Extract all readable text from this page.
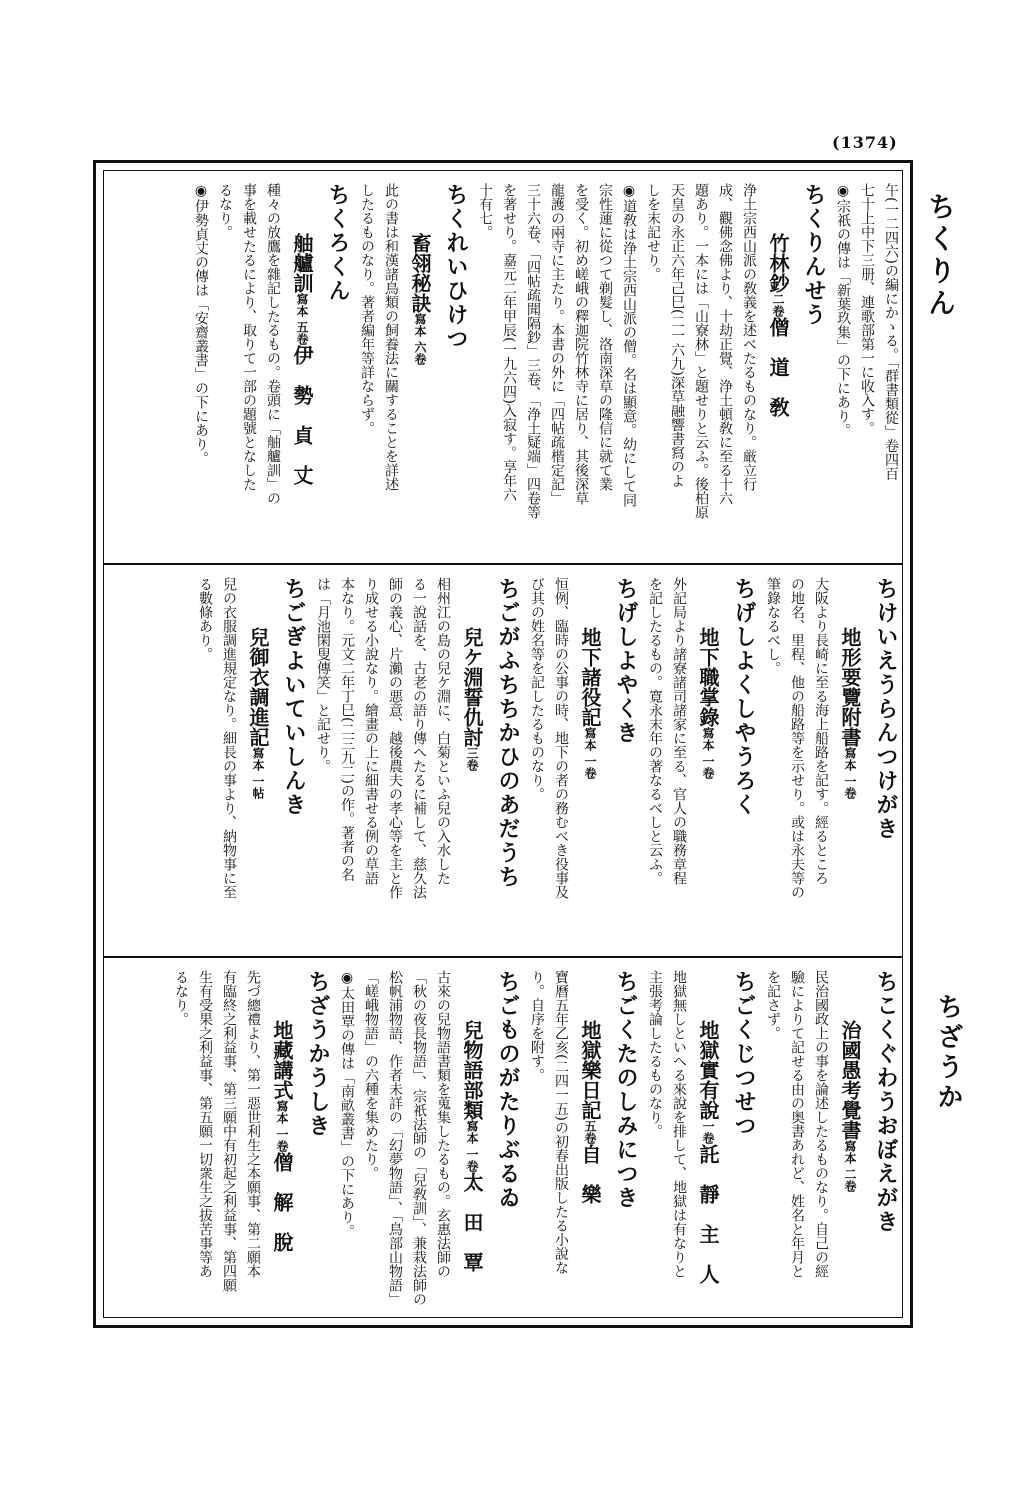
(1374)
ちくりん
ちざうか
午(一二四六)の編にかゝる。「群書類從」卷四百
七十上中下三册、連歌部第一に收入す。
◉宗祇の傳は「新葉玖集」の下にあり。
ちくりんせう
竹林鈔二卷僧　道　敎
浄土宗西山派の敎義を述べたるものなり。厳立行
成、觀佛念佛より、十劫正覺、浄土頓敎に至る十六
題あり。一本には「山寮林」と題せりと云ふ。後柏原
天皇の永正六年己巳(二一六九)深草融響書寫のよ
しを末記せり。
◉道敎は浄土宗西山派の僧。名は顯意。幼にして同
宗性蓮に從つて剃髮し、洛南深草の隆信に就て業
を受く。初め嵯峨の釋迦院竹林寺に居り、其後深草
龍護の兩寺に主たり。本書の外に「四帖疏楷定記」
三十六卷、「四帖疏聞隔鈔」三卷、「浄土疑端」四卷等
を著せり。嘉元二年甲辰(一九六四)入寂す。享年六
十有七。
ちくれいひけつ
畜翎秘訣寫本 六卷
此の書は和漢諸鳥類の飼養法に關することを詳述
したるものなり。著者編年等詳ならず。
ちくろくん
舳艫訓寫本 五卷伊　勢　貞　丈
種々の放鷹を雜記したるもの。卷頭に「舳艫訓」の
事を載せたるにより、取りて一部の題號となした
るなり。
◉伊勢貞丈の傳は「安齋叢書」の下にあり。
ちけいえうらんつけがき
地形要覽附書寫本 一卷
大阪より長崎に至る海上船路を記す。經るところ
の地名、里程、他の船路等を示せり。或は永夫等の
筆錄なるべし。
ちげしよくしやうろく
地下職掌錄寫本 一卷
外記局より諸寮諸司諸家に至る、官人の職務章程
を記したるもの。寛永末年の著なるべしと云ふ。
ちげしよやくき
地下諸役記寫本 一卷
恒例、臨時の公事の時、地下の者の務むべき役事及
び其の姓名等を記したるものなり。
ちごがふちちかひのあだうち
兒ケ淵誓仇討三卷
相州江の島の兒ケ淵に、白菊といふ兒の入水した
る一說話を、古老の語り傳へたるに補して、慈久法
師の義心、片瀨の悪意、越後農夫の孝心等を主と作
り成せる小說なり。繪畫の上に細書せる例の草語
本なり。元文二年丁巳(二三九二)の作。著者の名
は「月池閑叟傳笑」と記せり。
ちごぎよいていしんき
兒御衣調進記寫本 一帖
兒の衣服調進規定なり。細長の事より、納物事に至
る數條あり。
ちこくぐわうおぼえがき
治國愚考覺書寫本 二卷
民治國政上の事を論述したるものなり。自己の經
驗によりて記せる由の奥書あれど、姓名と年月と
を記さず。
ちごくじつせつ
地獄實有說一卷託　靜　主　人
地獄無しといへる來說を排して、地獄は有なりと
主張考論したるものなり。
ちごくたのしみにつき
地獄樂日記五卷自　樂
寶曆五年乙亥(二四一五)の初春出版したる小說な
り。自序を附す。
ちごものがたりぶるゐ
兒物語部類寫本 一卷太　田　覃
古來の兒物語書類を蒐集したるもの。玄惠法師の
「秋の夜長物語」、宗祇法師の「兒敎訓」、兼栽法師の
松帆浦物語、作者未詳の「幻夢物語」、「鳥部山物語」
「嵯峨物語」の六種を集めたり。
◉太田覃の傳は「南畝叢書」の下にあり。
ちざうかうしき
地藏講式寫本 一卷僧　解　脫
先づ總禮より、第一惡世利生之本願事、第二願本
有臨終之利益事、第三願中有初起之利益事、第四願
生有受果之利益事、第五願一切衆生之拔苦事等あ
るなり。
